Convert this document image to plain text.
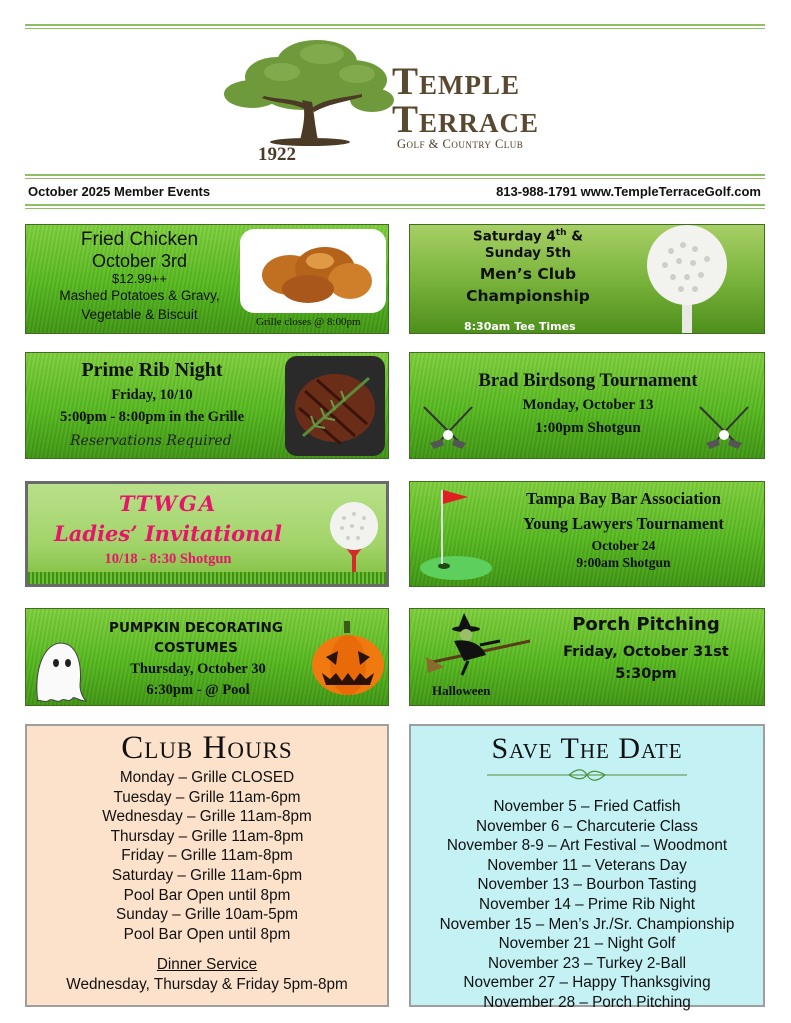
Temple
Terrace
Golf & Country Club
1922
October 2025 Member Events	813-988-1791 www.TempleTerraceGolf.com
Fried Chicken
October 3rd
$12.99++
Mashed Potatoes & Gravy,
Vegetable & Biscuit
Grille closes @ 8:00pm
Saturday 4th &
Sunday 5th
Men’s Club
Championship
8:30am Tee Times
Prime Rib Night
Friday, 10/10
5:00pm - 8:00pm in the Grille
Reservations Required
Brad Birdsong Tournament
Monday, October 13
1:00pm Shotgun
TTWGA
Ladies’ Invitational
10/18 - 8:30 Shotgun
Tampa Bay Bar Association
Young Lawyers Tournament
October 24
9:00am Shotgun
PUMPKIN DECORATING
COSTUMES
Thursday, October 30
6:30pm - @ Pool
Porch Pitching
Friday, October 31st
5:30pm
Halloween
Club Hours
Monday – Grille CLOSED
Tuesday – Grille 11am-6pm
Wednesday – Grille 11am-8pm
Thursday – Grille 11am-8pm
Friday – Grille 11am-8pm
Saturday – Grille 11am-6pm
Pool Bar Open until 8pm
Sunday – Grille 10am-5pm
Pool Bar Open until 8pm
Dinner Service
Wednesday, Thursday & Friday 5pm-8pm
Save The Date
November 5 – Fried Catfish
November 6 – Charcuterie Class
November 8-9 – Art Festival – Woodmont
November 11 – Veterans Day
November 13 – Bourbon Tasting
November 14 – Prime Rib Night
November 15 – Men’s Jr./Sr. Championship
November 21 – Night Golf
November 23 – Turkey 2-Ball
November 27 – Happy Thanksgiving
November 28 – Porch Pitching
